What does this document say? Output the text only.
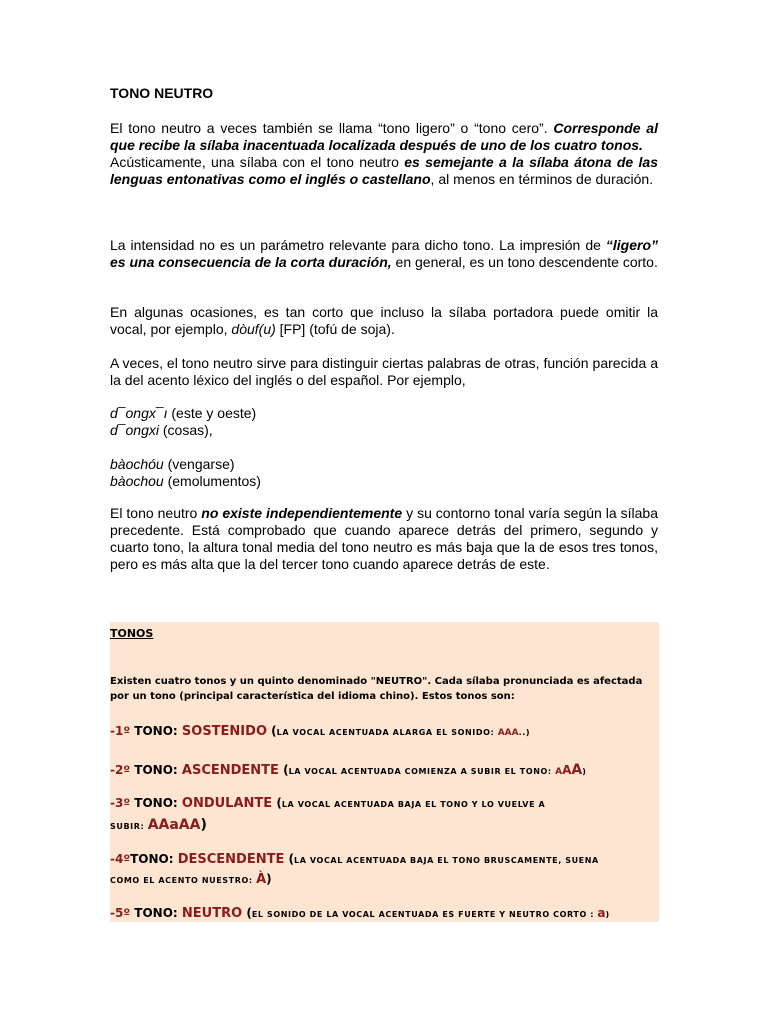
TONO NEUTRO

El tono neutro a veces también se llama “tono ligero” o “tono cero”. Corresponde al que recibe la sílaba inacentuada localizada después de uno de los cuatro tonos.
Acústicamente, una sílaba con el tono neutro es semejante a la sílaba átona de las lenguas entonativas como el inglés o castellano, al menos en términos de duración.

La intensidad no es un parámetro relevante para dicho tono. La impresión de “ligero” es una consecuencia de la corta duración, en general, es un tono descendente corto.

En algunas ocasiones, es tan corto que incluso la sílaba portadora puede omitir la vocal, por ejemplo, dòuf(u) [FP] (tofú de soja).

A veces, el tono neutro sirve para distinguir ciertas palabras de otras, función parecida a la del acento léxico del inglés o del español. Por ejemplo,

d¯ongx¯ı (este y oeste)
d¯ongxi (cosas),

bàochóu (vengarse)
bàochou (emolumentos)

El tono neutro no existe independientemente y su contorno tonal varía según la sílaba precedente. Está comprobado que cuando aparece detrás del primero, segundo y cuarto tono, la altura tonal media del tono neutro es más baja que la de esos tres tonos, pero es más alta que la del tercer tono cuando aparece detrás de este.

TONOS
Existen cuatro tonos y un quinto denominado "NEUTRO". Cada sílaba pronunciada es afectada por un tono (principal característica del idioma chino). Estos tonos son:
-1º TONO: SOSTENIDO (LA VOCAL ACENTUADA ALARGA EL SONIDO: AAA..)
-2º TONO: ASCENDENTE (LA VOCAL ACENTUADA COMIENZA A SUBIR EL TONO: AAA)
-3º TONO: ONDULANTE (LA VOCAL ACENTUADA BAJA EL TONO Y LO VUELVE A
SUBIR: AAaAA)
-4ºTONO: DESCENDENTE (LA VOCAL ACENTUADA BAJA EL TONO BRUSCAMENTE, SUENA
COMO EL ACENTO NUESTRO: À)
-5º TONO: NEUTRO (EL SONIDO DE LA VOCAL ACENTUADA ES FUERTE Y NEUTRO CORTO : a)
